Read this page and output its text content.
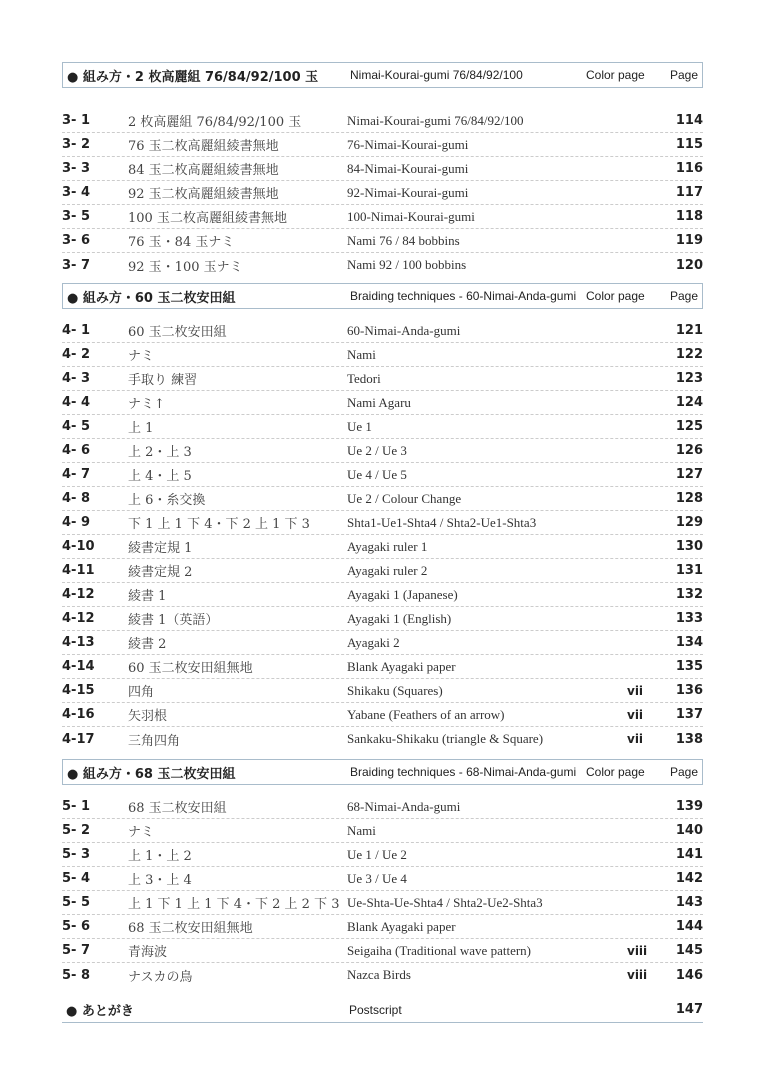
● 組み方・2 枚高麗組 76/84/92/100 玉	Nimai-Kourai-gumi 76/84/92/100	Color page	Page
3- 1	2 枚高麗組 76/84/92/100 玉	Nimai-Kourai-gumi 76/84/92/100	114
3- 2	76 玉二枚高麗組綾書無地	76-Nimai-Kourai-gumi	115
3- 3	84 玉二枚高麗組綾書無地	84-Nimai-Kourai-gumi	116
3- 4	92 玉二枚高麗組綾書無地	92-Nimai-Kourai-gumi	117
3- 5	100 玉二枚高麗組綾書無地	100-Nimai-Kourai-gumi	118
3- 6	76 玉・84 玉ナミ	Nami 76 / 84 bobbins	119
3- 7	92 玉・100 玉ナミ	Nami 92 / 100 bobbins	120
● 組み方・60 玉二枚安田組	Braiding techniques - 60-Nimai-Anda-gumi Color page	Page
4- 1	60 玉二枚安田組	60-Nimai-Anda-gumi	121
4- 2	ナミ	Nami	122
4- 3	手取り 練習	Tedori	123
4- 4	ナミ↑	Nami Agaru	124
4- 5	上 1	Ue 1	125
4- 6	上 2・上 3	Ue 2 / Ue 3	126
4- 7	上 4・上 5	Ue 4 / Ue 5	127
4- 8	上 6・糸交換	Ue 2 / Colour Change	128
4- 9	下 1 上 1 下 4・下 2 上 1 下 3	Shta1-Ue1-Shta4 / Shta2-Ue1-Shta3	129
4-10	綾書定規 1	Ayagaki ruler 1	130
4-11	綾書定規 2	Ayagaki ruler 2	131
4-12	綾書 1	Ayagaki 1 (Japanese)	132
4-12	綾書 1（英語）	Ayagaki 1 (English)	133
4-13	綾書 2	Ayagaki 2	134
4-14	60 玉二枚安田組無地	Blank Ayagaki paper	135
4-15	四角	Shikaku (Squares)	vii	136
4-16	矢羽根	Yabane (Feathers of an arrow)	vii	137
4-17	三角四角	Sankaku-Shikaku (triangle & Square)	vii	138
● 組み方・68 玉二枚安田組	Braiding techniques - 68-Nimai-Anda-gumi Color page	Page
5- 1	68 玉二枚安田組	68-Nimai-Anda-gumi	139
5- 2	ナミ	Nami	140
5- 3	上 1・上 2	Ue 1 / Ue 2	141
5- 4	上 3・上 4	Ue 3 / Ue 4	142
5- 5	上 1 下 1 上 1 下 4・下 2 上 2 下 3 Ue-Shta-Ue-Shta4 / Shta2-Ue2-Shta3	143
5- 6	68 玉二枚安田組無地	Blank Ayagaki paper	144
5- 7	青海波	Seigaiha (Traditional wave pattern)	viii	145
5- 8	ナスカの鳥	Nazca Birds	viii	146
● あとがき	Postscript	147
